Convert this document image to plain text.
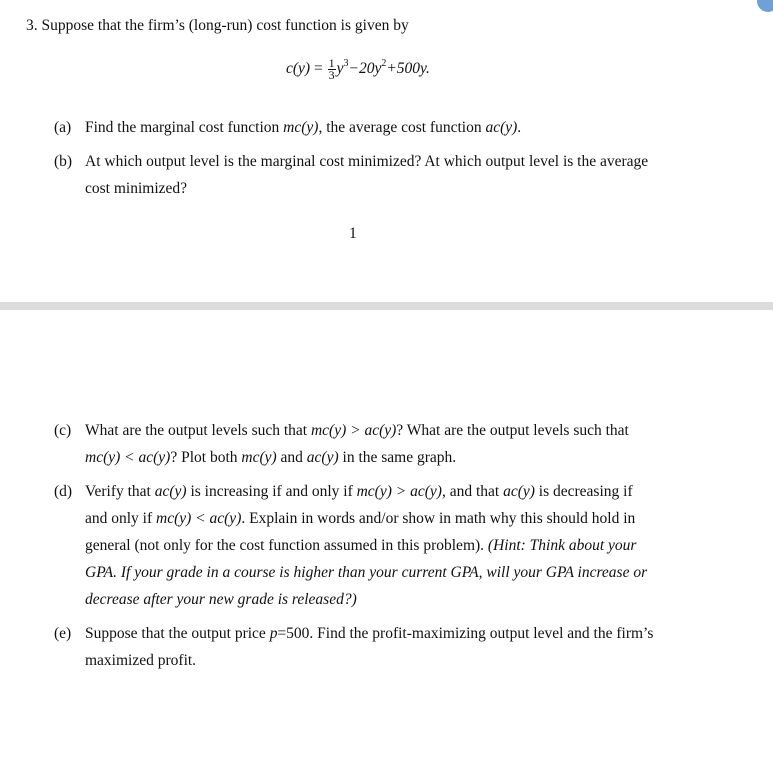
3. Suppose that the firm’s (long-run) cost function is given by
$c(y) = \frac{1}{3} y^3-20y^2+500y$.
(a) Find the marginal cost function mc(y), the average cost function ac(y).
(b) At which output level is the marginal cost minimized? At which output level is the average
cost minimized?
1
(c) What are the output levels such that mc(y) > ac(y)? What are the output levels such that
mc(y) < ac(y)? Plot both mc(y) and ac(y) in the same graph.
(d) Verify that ac(y) is increasing if and only if mc(y) > ac(y), and that ac(y) is decreasing if
and only if mc(y) < ac(y). Explain in words and/or show in math why this should hold in
general (not only for the cost function assumed in this problem). (Hint: Think about your
GPA. If your grade in a course is higher than your current GPA, will your GPA increase or
decrease after your new grade is released?)
(e) Suppose that the output price p=500. Find the profit-maximizing output level and the firm’s
maximized profit.
